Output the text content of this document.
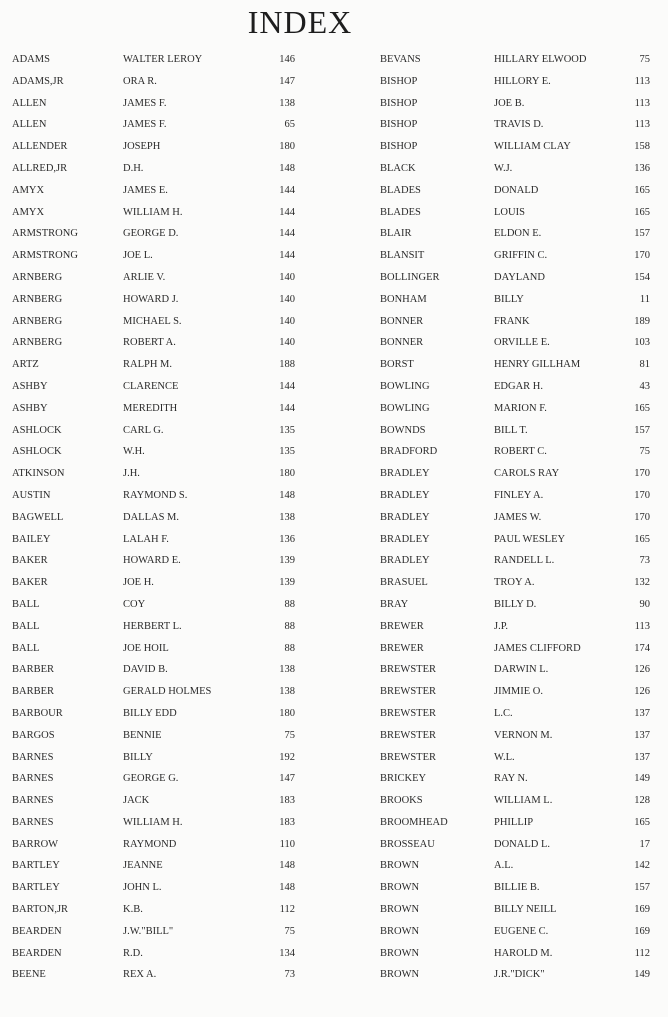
INDEX
ADAMS	WALTER LEROY	146
ADAMS,JR	ORA R.	147
ALLEN	JAMES F.	138
ALLEN	JAMES F.	65
ALLENDER	JOSEPH	180
ALLRED,JR	D.H.	148
AMYX	JAMES E.	144
AMYX	WILLIAM H.	144
ARMSTRONG	GEORGE D.	144
ARMSTRONG	JOE L.	144
ARNBERG	ARLIE V.	140
ARNBERG	HOWARD J.	140
ARNBERG	MICHAEL S.	140
ARNBERG	ROBERT A.	140
ARTZ	RALPH M.	188
ASHBY	CLARENCE	144
ASHBY	MEREDITH	144
ASHLOCK	CARL G.	135
ASHLOCK	W.H.	135
ATKINSON	J.H.	180
AUSTIN	RAYMOND S.	148
BAGWELL	DALLAS M.	138
BAILEY	LALAH F.	136
BAKER	HOWARD E.	139
BAKER	JOE H.	139
BALL	COY	88
BALL	HERBERT L.	88
BALL	JOE HOIL	88
BARBER	DAVID B.	138
BARBER	GERALD HOLMES	138
BARBOUR	BILLY EDD	180
BARGOS	BENNIE	75
BARNES	BILLY	192
BARNES	GEORGE G.	147
BARNES	JACK	183
BARNES	WILLIAM H.	183
BARROW	RAYMOND	110
BARTLEY	JEANNE	148
BARTLEY	JOHN L.	148
BARTON,JR	K.B.	112
BEARDEN	J.W."BILL"	75
BEARDEN	R.D.	134
BEENE	REX A.	73
BEVANS	HILLARY ELWOOD	75
BISHOP	HILLORY E.	113
BISHOP	JOE B.	113
BISHOP	TRAVIS D.	113
BISHOP	WILLIAM CLAY	158
BLACK	W.J.	136
BLADES	DONALD	165
BLADES	LOUIS	165
BLAIR	ELDON E.	157
BLANSIT	GRIFFIN C.	170
BOLLINGER	DAYLAND	154
BONHAM	BILLY	11
BONNER	FRANK	189
BONNER	ORVILLE E.	103
BORST	HENRY GILLHAM	81
BOWLING	EDGAR H.	43
BOWLING	MARION F.	165
BOWNDS	BILL T.	157
BRADFORD	ROBERT C.	75
BRADLEY	CAROLS RAY	170
BRADLEY	FINLEY A.	170
BRADLEY	JAMES W.	170
BRADLEY	PAUL WESLEY	165
BRADLEY	RANDELL L.	73
BRASUEL	TROY A.	132
BRAY	BILLY D.	90
BREWER	J.P.	113
BREWER	JAMES CLIFFORD	174
BREWSTER	DARWIN L.	126
BREWSTER	JIMMIE O.	126
BREWSTER	L.C.	137
BREWSTER	VERNON M.	137
BREWSTER	W.L.	137
BRICKEY	RAY N.	149
BROOKS	WILLIAM L.	128
BROOMHEAD	PHILLIP	165
BROSSEAU	DONALD L.	17
BROWN	A.L.	142
BROWN	BILLIE B.	157
BROWN	BILLY NEILL	169
BROWN	EUGENE C.	169
BROWN	HAROLD M.	112
BROWN	J.R."DICK"	149
